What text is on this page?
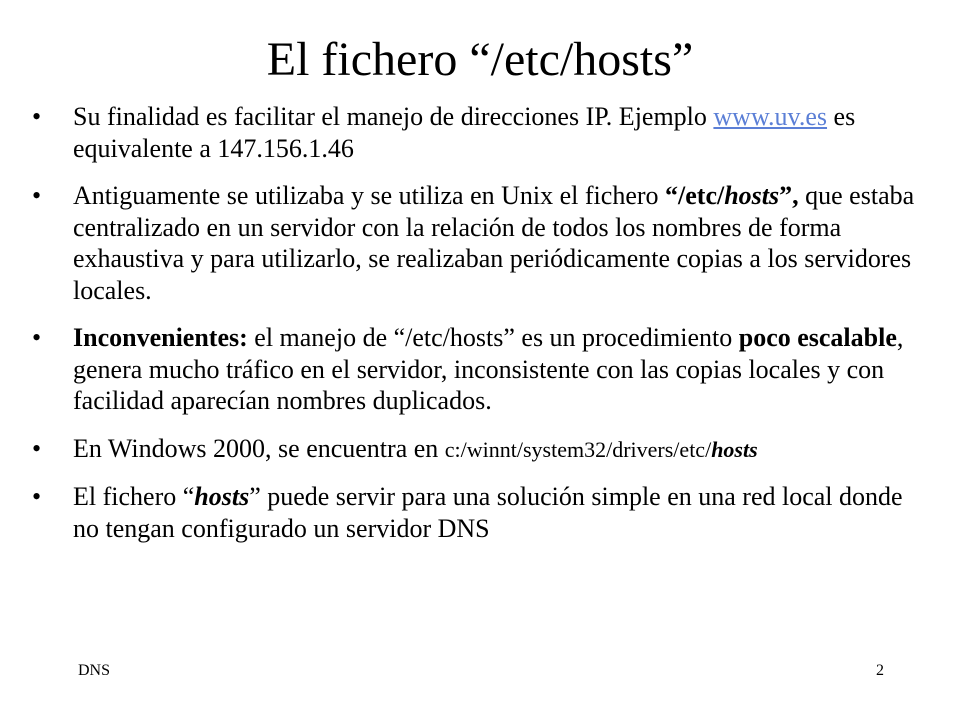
El fichero “/etc/hosts”
•	Su finalidad es facilitar el manejo de direcciones IP. Ejemplo www.uv.es es equivalente a 147.156.1.46
•	Antiguamente se utilizaba y se utiliza en Unix el fichero “/etc/hosts”, que estaba centralizado en un servidor con la relación de todos los nombres de forma exhaustiva y para utilizarlo, se realizaban periódicamente copias a los servidores locales.
•	Inconvenientes: el manejo de “/etc/hosts” es un procedimiento poco escalable, genera mucho tráfico en el servidor, inconsistente con las copias locales y con facilidad aparecían nombres duplicados.
•	En Windows 2000, se encuentra en c:/winnt/system32/drivers/etc/hosts
•	El fichero “hosts” puede servir para una solución simple en una red local donde no tengan configurado un servidor DNS
DNS	2
